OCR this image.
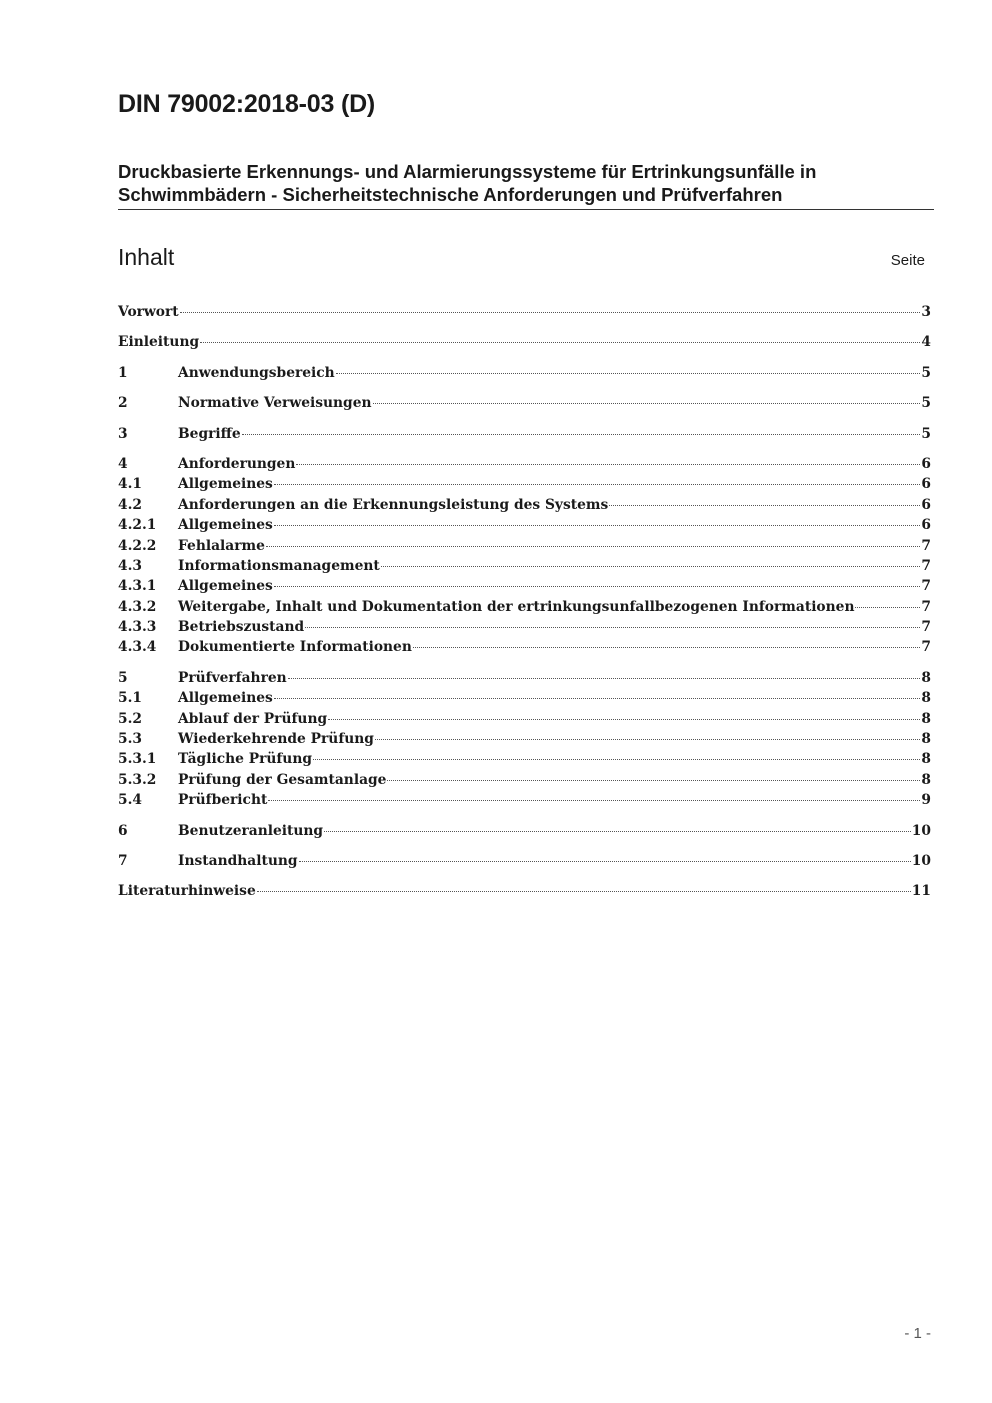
DIN 79002:2018-03 (D)
Druckbasierte Erkennungs- und Alarmierungssysteme für Ertrinkungsunfälle in
Schwimmbädern - Sicherheitstechnische Anforderungen und Prüfverfahren
Inhalt	Seite
Vorwort	3
Einleitung	4
1	Anwendungsbereich	5
2	Normative Verweisungen	5
3	Begriffe	5
4	Anforderungen	6
4.1	Allgemeines	6
4.2	Anforderungen an die Erkennungsleistung des Systems	6
4.2.1	Allgemeines	6
4.2.2	Fehlalarme	7
4.3	Informationsmanagement	7
4.3.1	Allgemeines	7
4.3.2	Weitergabe, Inhalt und Dokumentation der ertrinkungsunfallbezogenen Informationen	7
4.3.3	Betriebszustand	7
4.3.4	Dokumentierte Informationen	7
5	Prüfverfahren	8
5.1	Allgemeines	8
5.2	Ablauf der Prüfung	8
5.3	Wiederkehrende Prüfung	8
5.3.1	Tägliche Prüfung	8
5.3.2	Prüfung der Gesamtanlage	8
5.4	Prüfbericht	9
6	Benutzeranleitung	10
7	Instandhaltung	10
Literaturhinweise	11
- 1 -
